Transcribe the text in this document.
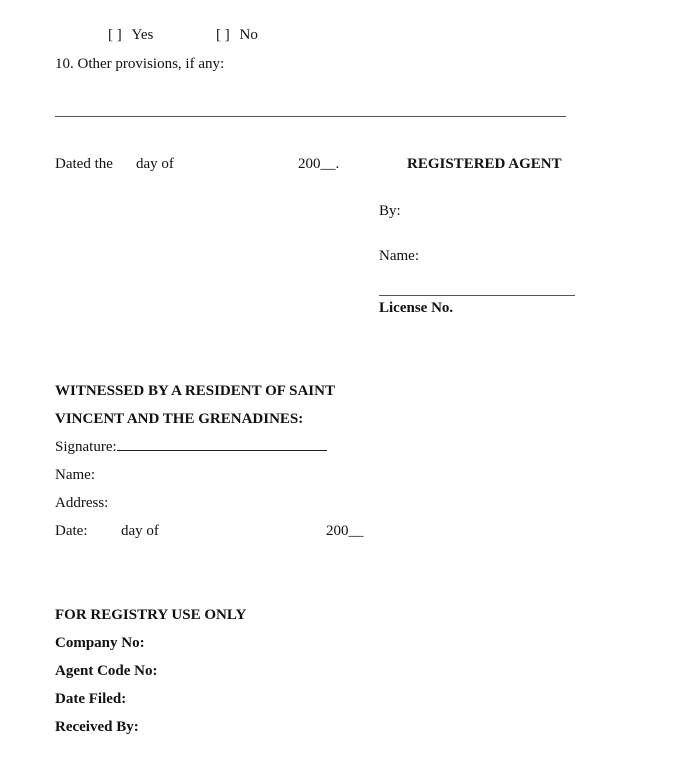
[ ] Yes	[ ] No
10. Other provisions, if any:
Dated the day of	200__.	REGISTERED AGENT
By:
Name:
License No.
WITNESSED BY A RESIDENT OF SAINT
VINCENT AND THE GRENADINES:
Signature:
Name:
Address:
Date: day of	200__
FOR REGISTRY USE ONLY
Company No:
Agent Code No:
Date Filed:
Received By:
